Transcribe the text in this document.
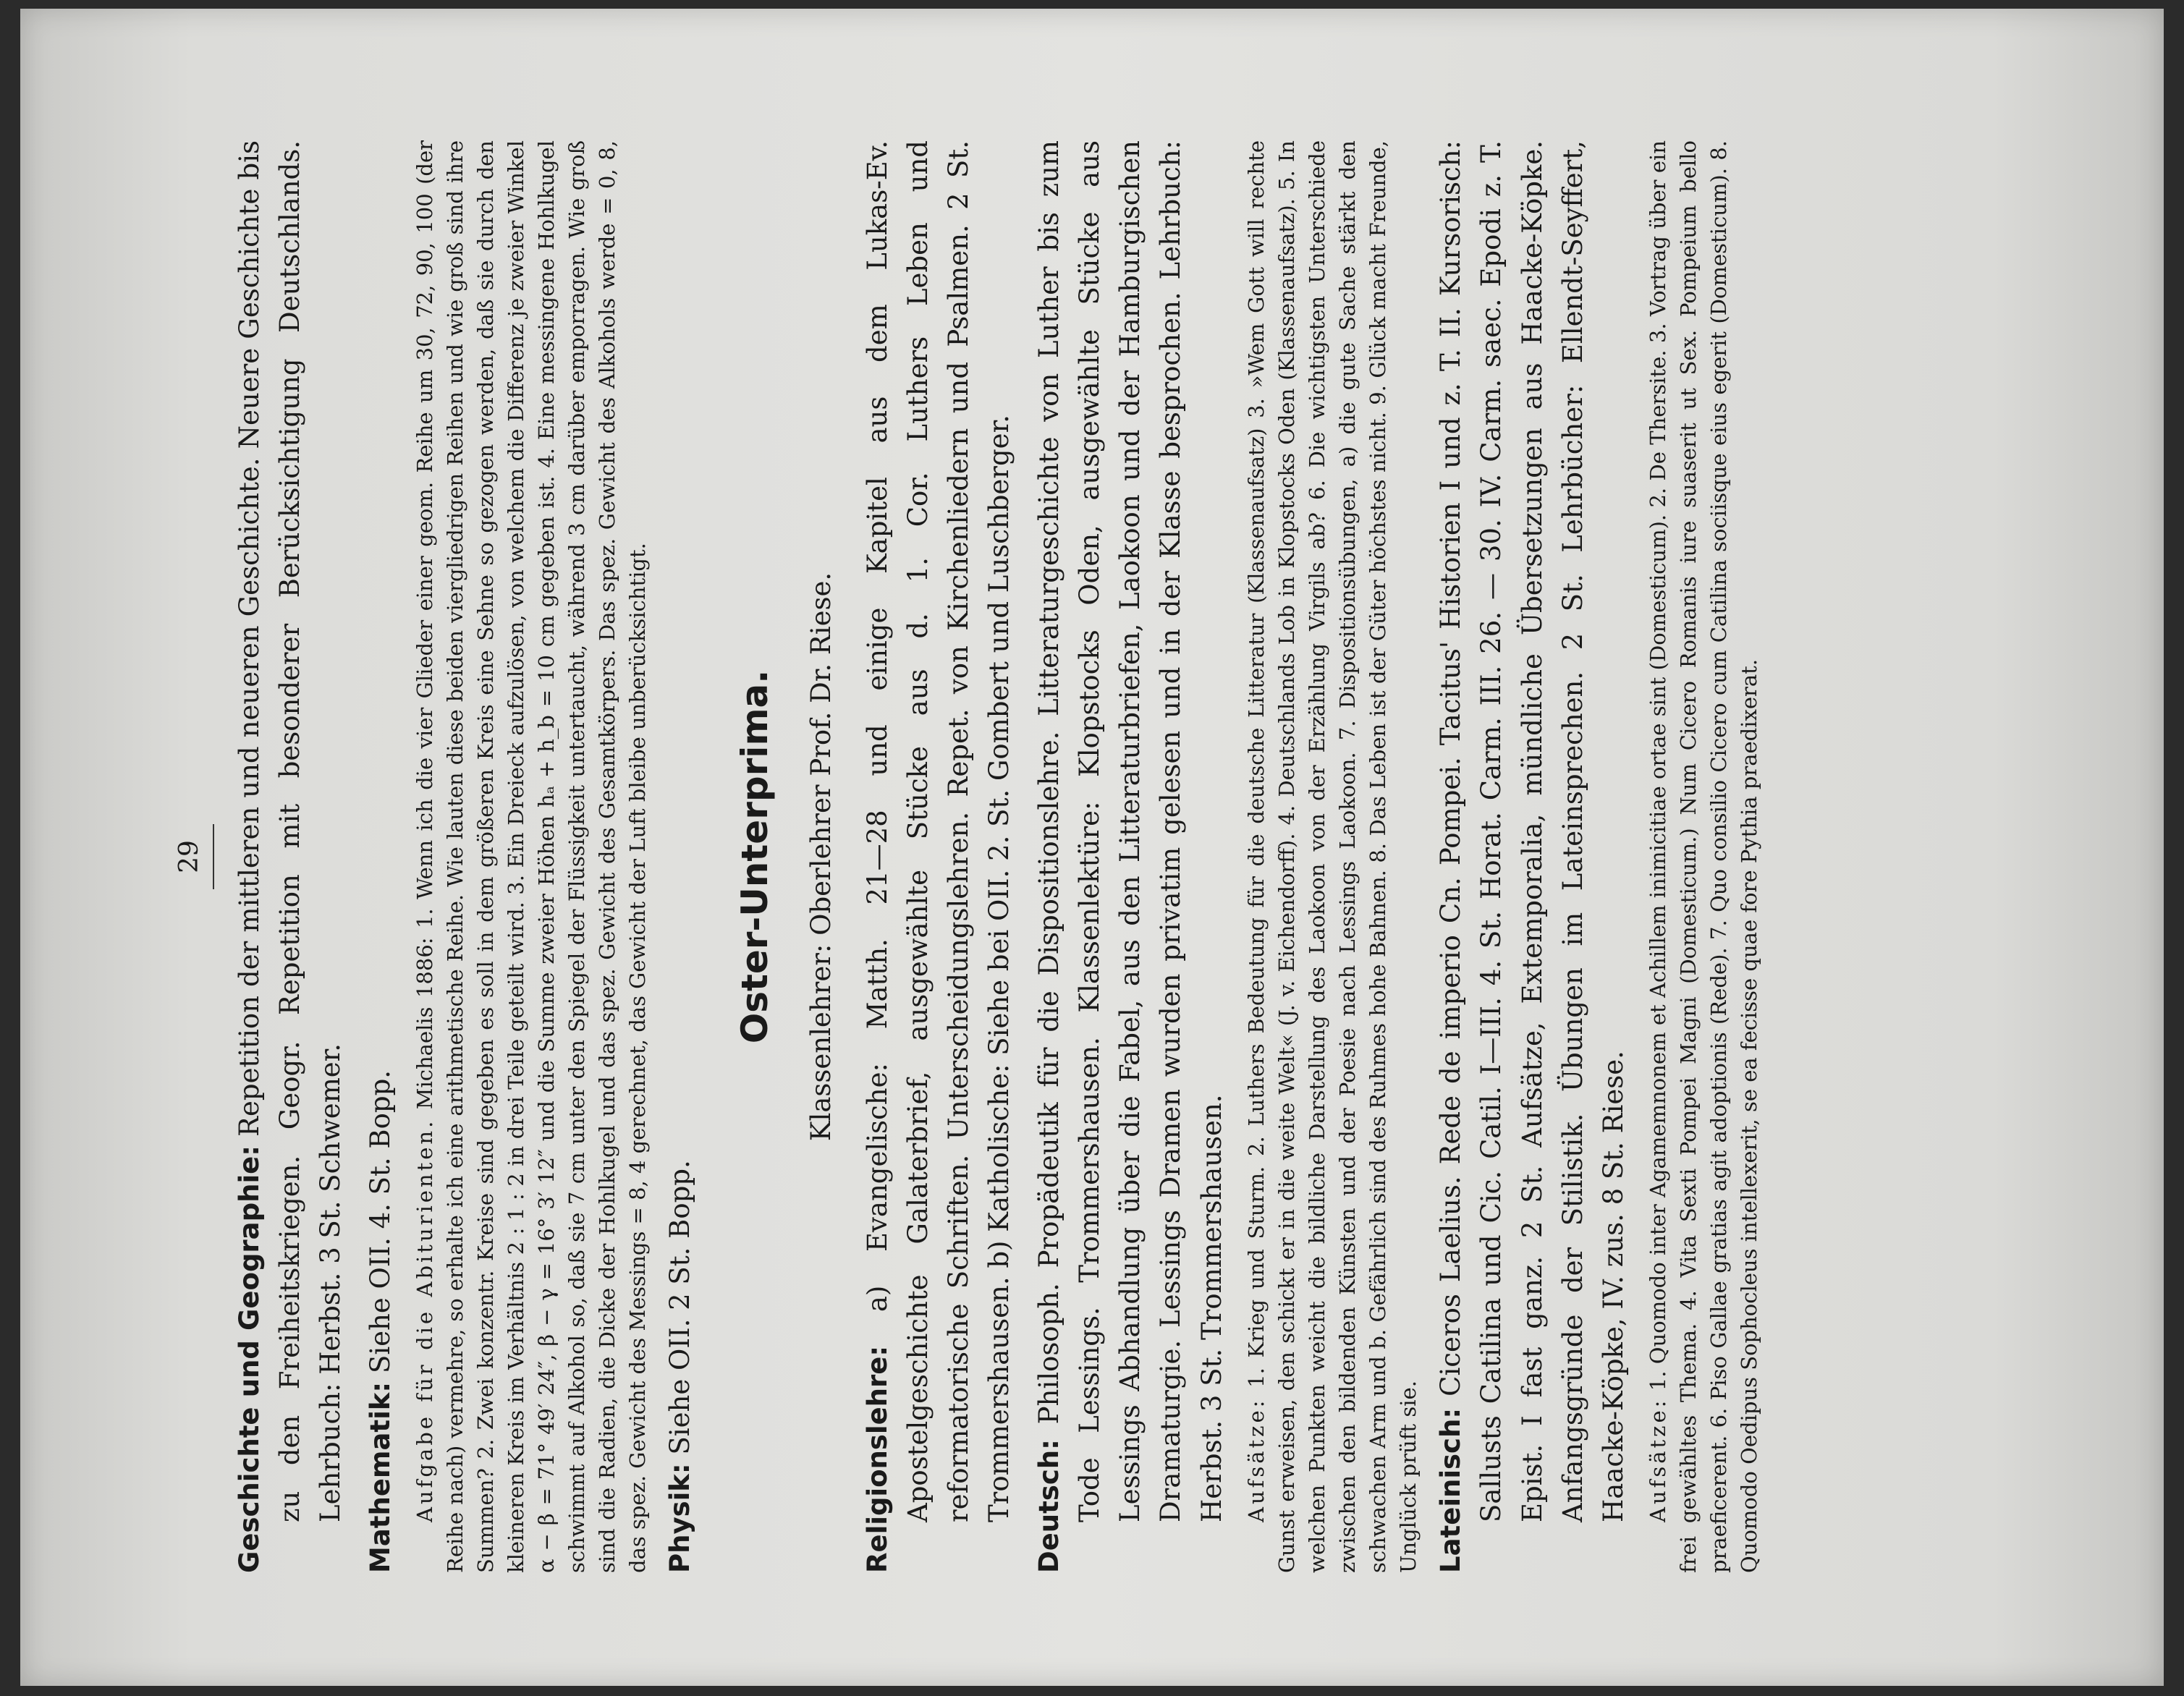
29

Geschichte und Geographie: Repetition der mittleren und neueren Geschichte. Neuere Geschichte bis zu den Freiheitskriegen. Geogr. Repetition mit besonderer Berücksichtigung Deutschlands. Lehrbuch: Herbst. 3 St. Schwemer. Mathematik: Siehe OII. 4. St. Bopp. Aufgabe für die Abiturienten. Michaelis 1886: 1. Wenn ich die vier Glieder einer geom. Reihe um 30, 72, 90, 100 (der Reihe nach) vermehre, so erhalte ich eine arithmetische Reihe. Wie lauten diese beiden viergliedrigen Reihen und wie groß sind ihre Summen? 2. Zwei konzentr. Kreise sind gegeben es soll in dem größeren Kreis eine Sehne so gezogen werden, daß sie durch den kleineren Kreis im Verhältnis 2 : 1 : 2 in drei Teile geteilt wird. 3. Ein Dreieck aufzulösen, von welchem die Differenz je zweier Winkel α − β = 71° 49′ 24″, β − γ = 16° 3′ 12″ und die Summe zweier Höhen hₐ + h_b = 10 cm gegeben ist. 4. Eine messingene Hohlkugel schwimmt auf Alkohol so, daß sie 7 cm unter den Spiegel der Flüssigkeit untertaucht, während 3 cm darüber emporragen. Wie groß sind die Radien, die Dicke der Hohlkugel und das spez. Gewicht des Gesamtkörpers. Das spez. Gewicht des Alkohols werde = 0, 8, das spez. Gewicht des Messings = 8, 4 gerechnet, das Gewicht der Luft bleibe unberücksichtigt. Physik: Siehe OII. 2 St. Bopp.

Oster-Unterprima. Klassenlehrer: Oberlehrer Prof. Dr. Riese.

Religionslehre: a) Evangelische: Matth. 21—28 und einige Kapitel aus dem Lukas-Ev. Apostelgeschichte Galaterbrief, ausgewählte Stücke aus d. 1. Cor. Luthers Leben und reformatorische Schriften. Unterscheidungslehren. Repet. von Kirchenliedern und Psalmen. 2 St. Trommershausen. b) Katholische: Siehe bei OII. 2. St. Gombert und Luschberger. Deutsch: Philosoph. Propädeutik für die Dispositionslehre. Litteraturgeschichte von Luther bis zum Tode Lessings. Trommershausen. Klassenlektüre: Klopstocks Oden, ausgewählte Stücke aus Lessings Abhandlung über die Fabel, aus den Litteraturbriefen, Laokoon und der Hamburgischen Dramaturgie. Lessings Dramen wurden privatim gelesen und in der Klasse besprochen. Lehrbuch: Herbst. 3 St. Trommershausen. Aufsätze: 1. Krieg und Sturm. 2. Luthers Bedeutung für die deutsche Litteratur (Klassenaufsatz) 3. »Wem Gott will rechte Gunst erweisen, den schickt er in die weite Welt« (J. v. Eichendorff). 4. Deutschlands Lob in Klopstocks Oden (Klassenaufsatz). 5. In welchen Punkten weicht die bildliche Darstellung des Laokoon von der Erzählung Virgils ab? 6. Die wichtigsten Unterschiede zwischen den bildenden Künsten und der Poesie nach Lessings Laokoon. 7. Dispositionsübungen, a) die gute Sache stärkt den schwachen Arm und b. Gefährlich sind des Ruhmes hohe Bahnen. 8. Das Leben ist der Güter höchstes nicht. 9. Glück macht Freunde, Unglück prüft sie. Lateinisch: Ciceros Laelius. Rede de imperio Cn. Pompei. Tacitus' Historien I und z. T. II. Kursorisch: Sallusts Catilina und Cic. Catil. I—III. 4. St. Horat. Carm. III. 26. — 30. IV. Carm. saec. Epodi z. T. Epist. I fast ganz. 2 St. Aufsätze, Extemporalia, mündliche Übersetzungen aus Haacke-Köpke. Anfangsgründe der Stilistik. Übungen im Lateinsprechen. 2 St. Lehrbücher: Ellendt-Seyffert, Haacke-Köpke, IV. zus. 8 St. Riese. Aufsätze: 1. Quomodo inter Agamemnonem et Achillem inimicitiae ortae sint (Domesticum). 2. De Thersite. 3. Vortrag über ein frei gewähltes Thema. 4. Vita Sexti Pompei Magni (Domesticum.) Num Cicero Romanis iure suaserit ut Sex. Pompeium bello praeficerent. 6. Piso Gallae gratias agit adoptionis (Rede). 7. Quo consilio Cicero cum Catilina sociisque eius egerit (Domesticum). 8. Quomodo Oedipus Sophocleus intellexerit, se ea fecisse quae fore Pythia praedixerat.
